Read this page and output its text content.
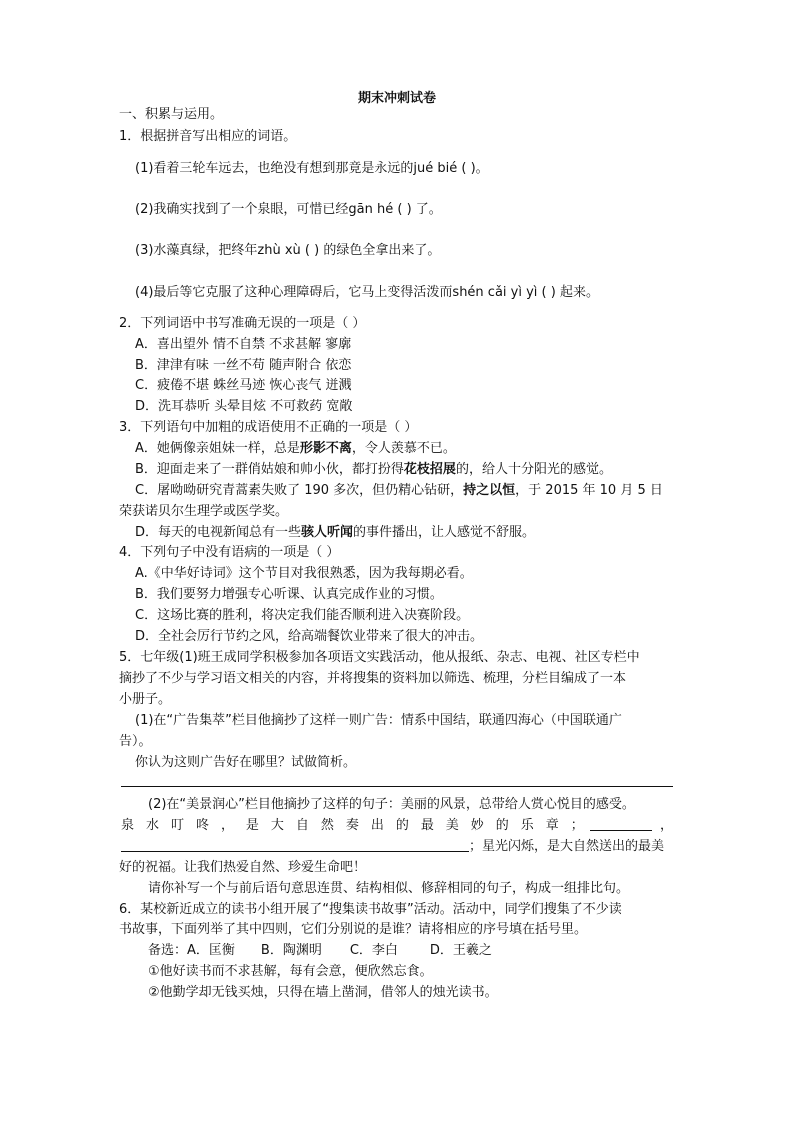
期末冲刺试卷
一、积累与运用。
1．根据拼音写出相应的词语。
(1)看着三轮车远去，也绝没有想到那竟是永远的jué bié ( )。
(2)我确实找到了一个泉眼，可惜已经gān hé ( ) 了。
(3)水藻真绿，把终年zhù xù ( ) 的绿色全拿出来了。
(4)最后等它克服了这种心理障碍后，它马上变得活泼而shén cǎi yì yì ( ) 起来。
2．下列词语中书写准确无误的一项是（ ）
A．喜出望外 情不自禁 不求甚解 寥廓
B．津津有味 一丝不苟 随声附合 依恋
C．疲倦不堪 蛛丝马迹 恢心丧气 迸溅
D．洗耳恭听 头晕目炫 不可救药 宽敞
3．下列语句中加粗的成语使用不正确的一项是（ ）
A．她俩像亲姐妹一样，总是形影不离，令人羡慕不已。
B．迎面走来了一群俏姑娘和帅小伙，都打扮得花枝招展的，给人十分阳光的感觉。
C．屠呦呦研究青蒿素失败了 190 多次，但仍精心钻研，持之以恒，于 2015 年 10 月 5 日
荣获诺贝尔生理学或医学奖。
D．每天的电视新闻总有一些骇人听闻的事件播出，让人感觉不舒服。
4．下列句子中没有语病的一项是（ ）
A.《中华好诗词》这个节目对我很熟悉，因为我每期必看。
B．我们要努力增强专心听课、认真完成作业的习惯。
C．这场比赛的胜利，将决定我们能否顺利进入决赛阶段。
D．全社会厉行节约之风，给高端餐饮业带来了很大的冲击。
5．七年级(1)班王成同学积极参加各项语文实践活动，他从报纸、杂志、电视、社区专栏中
摘抄了不少与学习语文相关的内容，并将搜集的资料加以筛选、梳理，分栏目编成了一本
小册子。
(1)在“广告集萃”栏目他摘抄了这样一则广告：情系中国结，联通四海心（中国联通广
告）。
你认为这则广告好在哪里？试做简析。
(2)在“美景润心”栏目他摘抄了这样的句子：美丽的风景，总带给人赏心悦目的感受。
泉 水 叮 咚 ， 是 大 自 然 奏 出 的 最 美 妙 的 乐 章 ；	，
；星光闪烁，是大自然送出的最美
好的祝福。让我们热爱自然、珍爱生命吧！
请你补写一个与前后语句意思连贯、结构相似、修辞相同的句子，构成一组排比句。
6．某校新近成立的读书小组开展了“搜集读书故事”活动。活动中，同学们搜集了不少读
书故事，下面列举了其中四则，它们分别说的是谁？请将相应的序号填在括号里。
备选：A．匡衡 B．陶渊明 C．李白 D．王羲之
①他好读书而不求甚解，每有会意，便欣然忘食。
②他勤学却无钱买烛，只得在墙上凿洞，借邻人的烛光读书。
